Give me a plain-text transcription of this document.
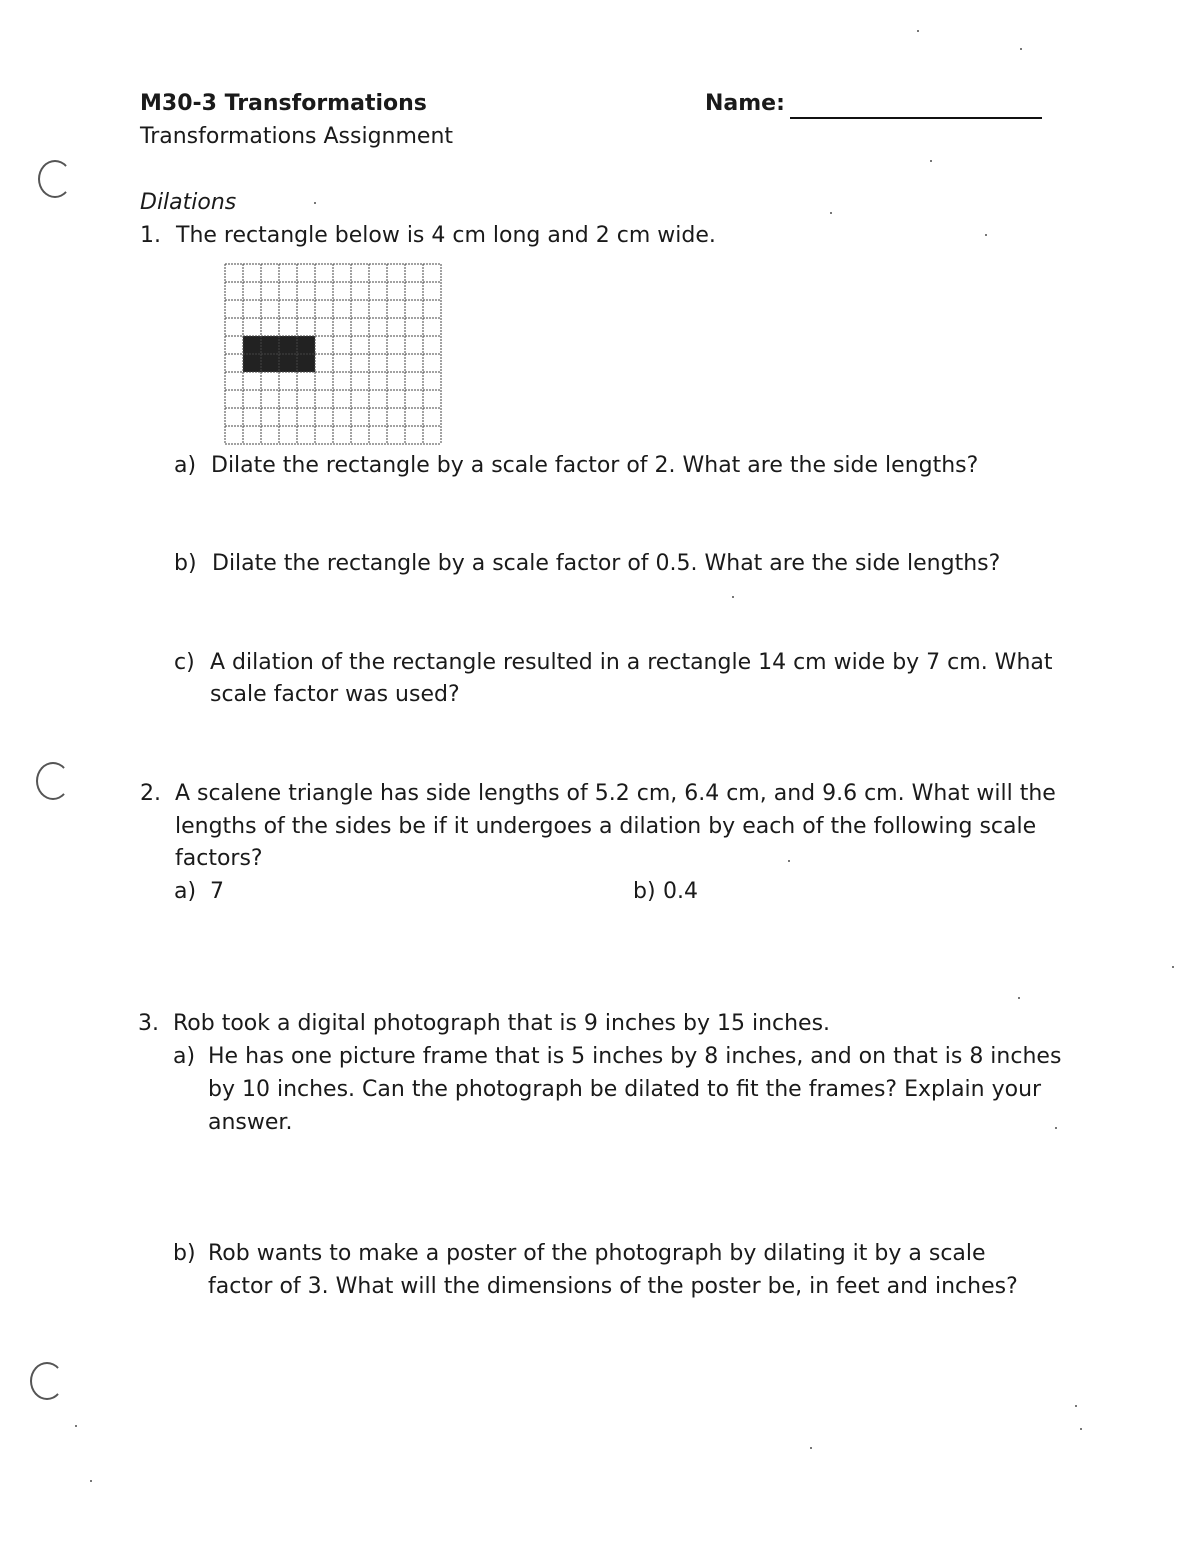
M30-3 Transformations	Name:
Transformations Assignment
Dilations
1. The rectangle below is 4 cm long and 2 cm wide.
a) Dilate the rectangle by a scale factor of 2. What are the side lengths?
b) Dilate the rectangle by a scale factor of 0.5. What are the side lengths?
c) A dilation of the rectangle resulted in a rectangle 14 cm wide by 7 cm. What
scale factor was used?
2. A scalene triangle has side lengths of 5.2 cm, 6.4 cm, and 9.6 cm. What will the
lengths of the sides be if it undergoes a dilation by each of the following scale
factors?
a) 7	b) 0.4
3. Rob took a digital photograph that is 9 inches by 15 inches.
a) He has one picture frame that is 5 inches by 8 inches, and on that is 8 inches
by 10 inches. Can the photograph be dilated to fit the frames? Explain your
answer.
b) Rob wants to make a poster of the photograph by dilating it by a scale
factor of 3. What will the dimensions of the poster be, in feet and inches?
